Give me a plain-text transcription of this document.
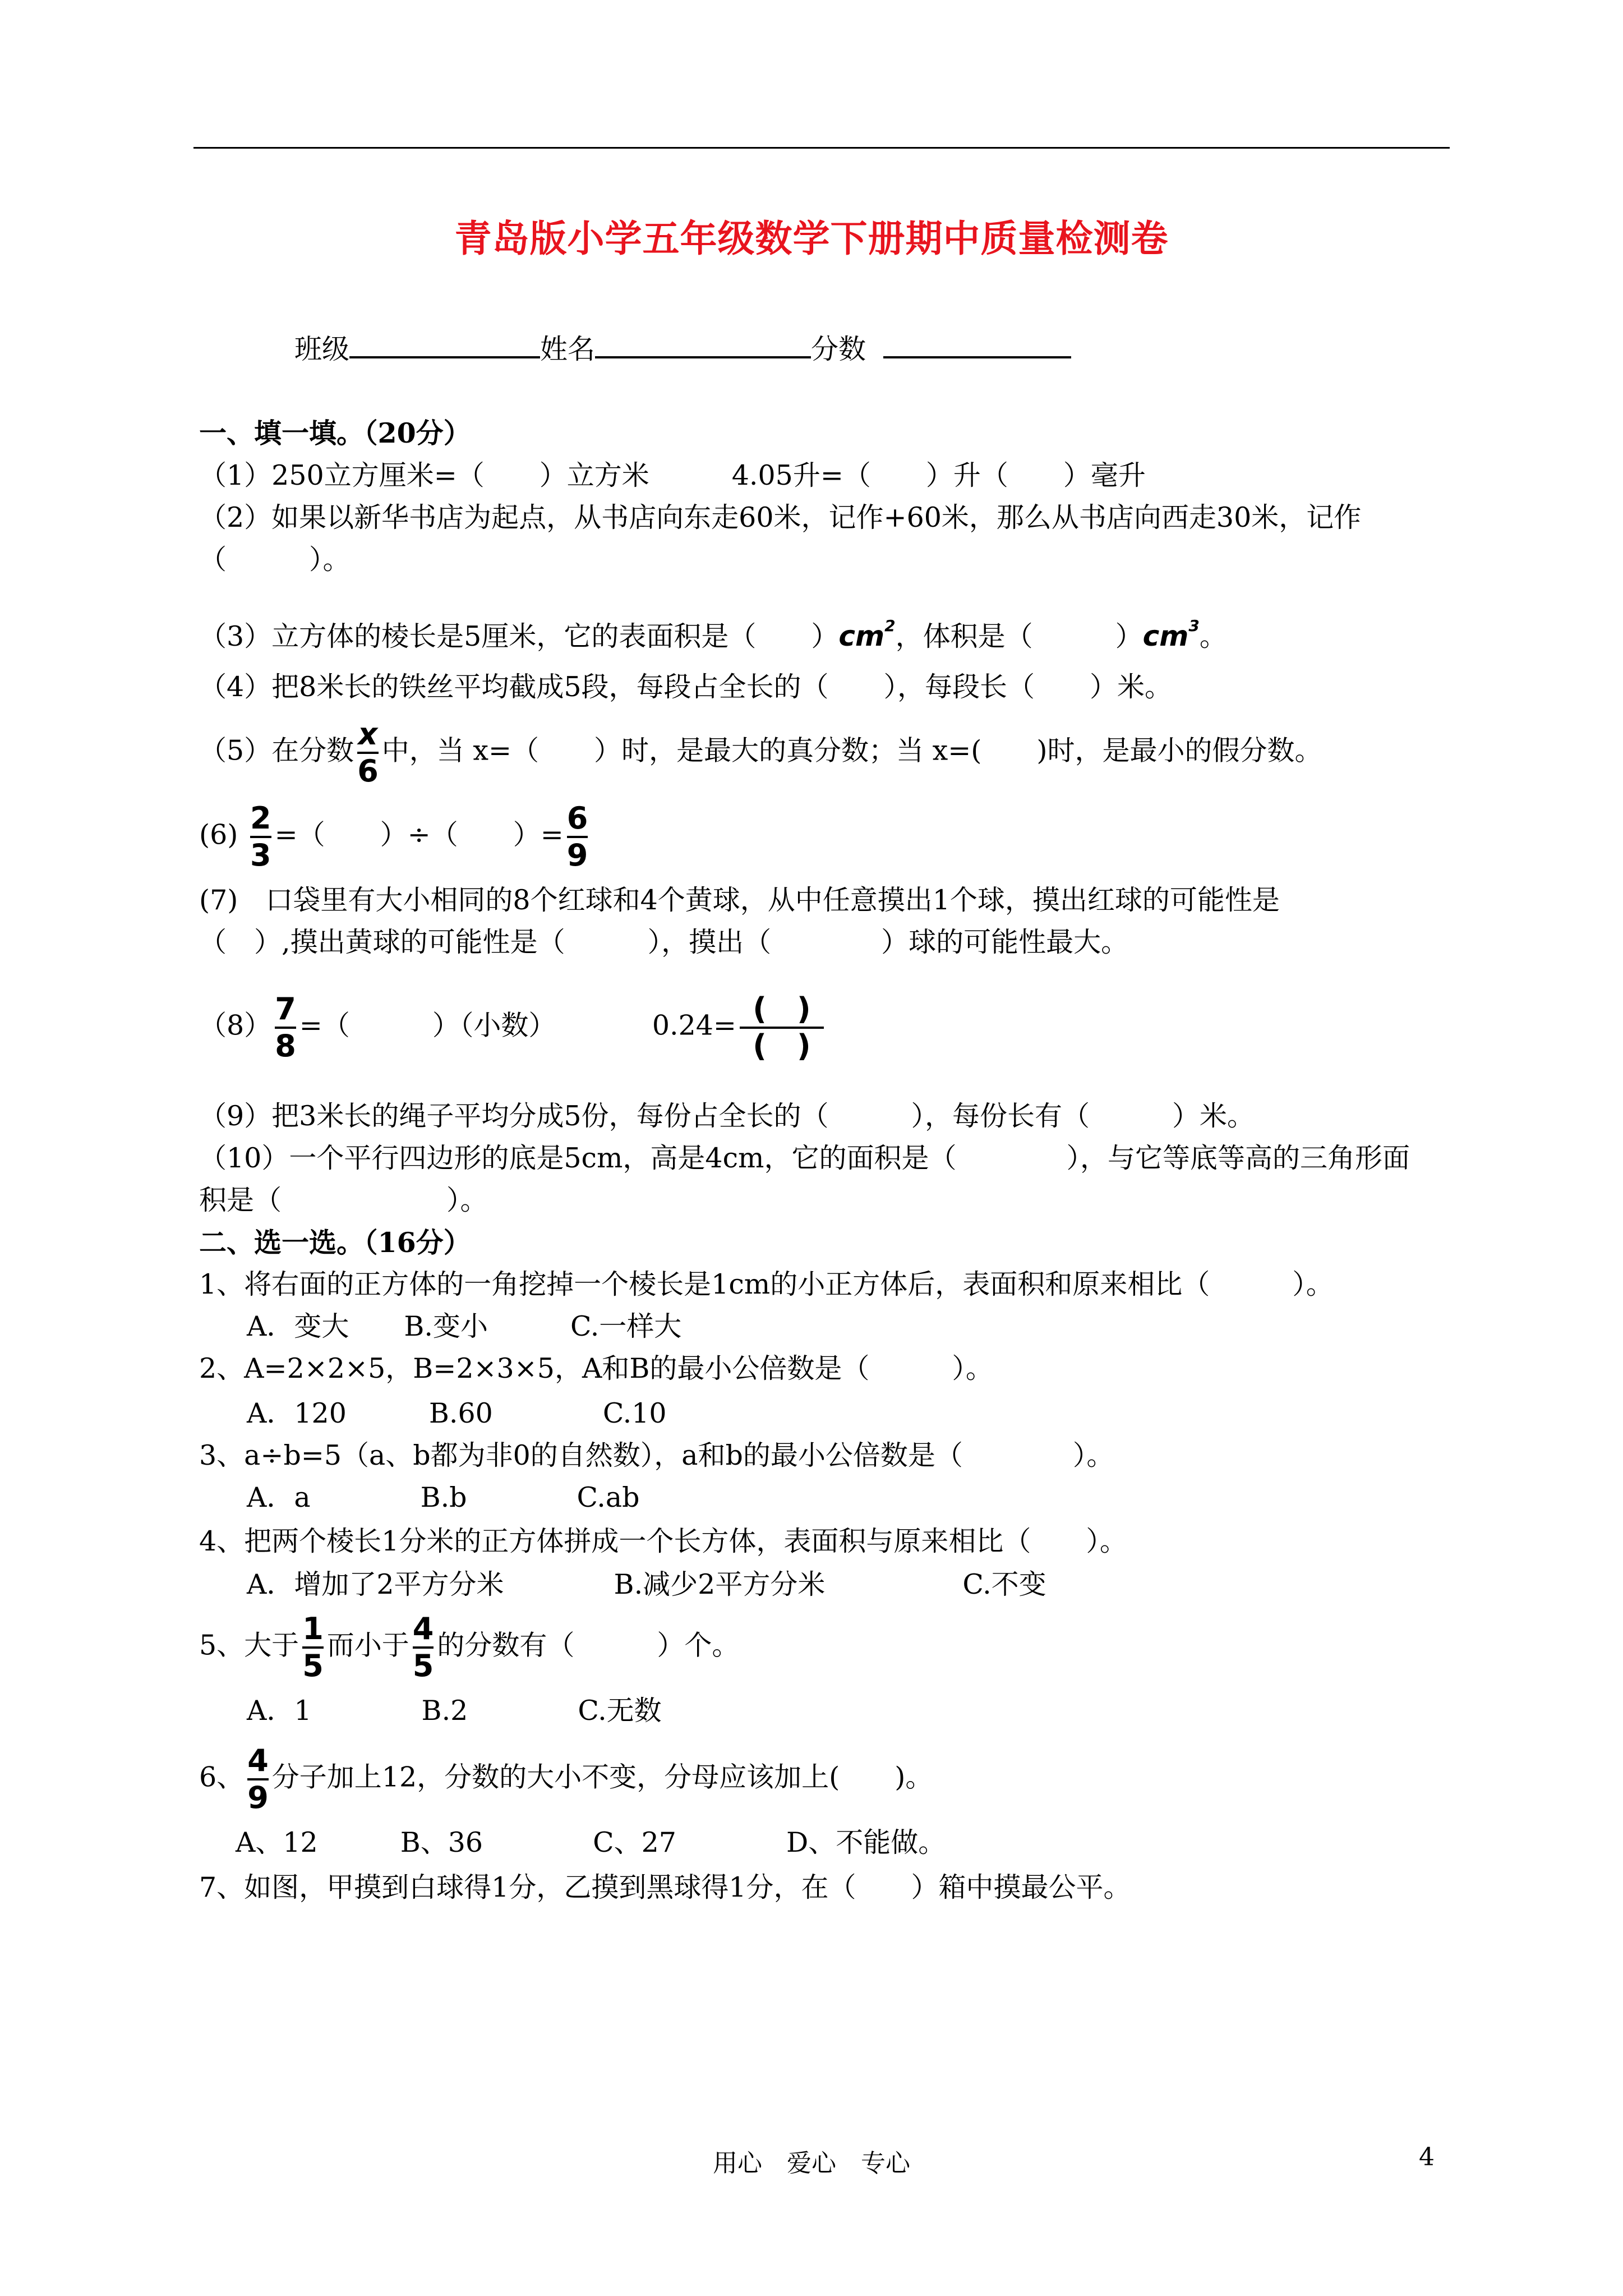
青岛版小学五年级数学下册期中质量检测卷
班级	姓名	分数
一、填一填。（20分）
（1）250立方厘米=（　　）立方米　　　4.05升=（　　）升（　　）毫升
（2）如果以新华书店为起点，从书店向东走60米，记作+60米，那么从书店向西走30米，记作
（　　　）。
（3）立方体的棱长是5厘米，它的表面积是（　　）$cm^2$，体积是（　　　）$cm^3$。
（4）把8米长的铁丝平均截成5段，每段占全长的（　　），每段长（　　）米。
（5）在分数 $\frac{x}{6}$ 中，当 x=（　　）时，是最大的真分数；当 x=(　　)时，是最小的假分数。
$(6) \frac{2}{3}$ =（　　）÷（　　）= $\frac{6}{9}$
(7)　口袋里有大小相同的8个红球和4个黄球，从中任意摸出1个球，摸出红球的可能性是
（　）,摸出黄球的可能性是（　　　），摸出（　　　　）球的可能性最大。
$(8) \frac{7}{8}$ =（　　　）（小数）　　　　$0.24= \frac{( )}{( )}$
（9）把3米长的绳子平均分成5份，每份占全长的（　　　），每份长有（　　　）米。
（10）一个平行四边形的底是5cm，高是4cm，它的面积是（　　　　），与它等底等高的三角形面
积是（　　　　　　）。
二、选一选。（16分）
1、将右面的正方体的一角挖掉一个棱长是1cm的小正方体后，表面积和原来相比（　　　）。
A．变大　　B.变小　　　C.一样大
2、A=2×2×5，B=2×3×5，A和B的最小公倍数是（　　　）。
A．120　　　B.60　　　　C.10
3、a÷b=5（a、b都为非0的自然数），a和b的最小公倍数是（　　　　）。
A．a　　　　B.b　　　　C.ab
4、把两个棱长1分米的正方体拼成一个长方体，表面积与原来相比（　　）。
A．增加了2平方分米　　　　B.减少2平方分米　　　　　C.不变
5、大于 $\frac{1}{5}$ 而小于 $\frac{4}{5}$ 的分数有（　　　）个。
A．1　　　　B.2　　　　C.无数
6、 $\frac{4}{9}$ 分子加上12，分数的大小不变，分母应该加上(　　)。
A、12　　　B、36　　　　C、27　　　　D、不能做。
7、如图，甲摸到白球得1分，乙摸到黑球得1分，在（　　）箱中摸最公平。
用心　爱心　专心	4
